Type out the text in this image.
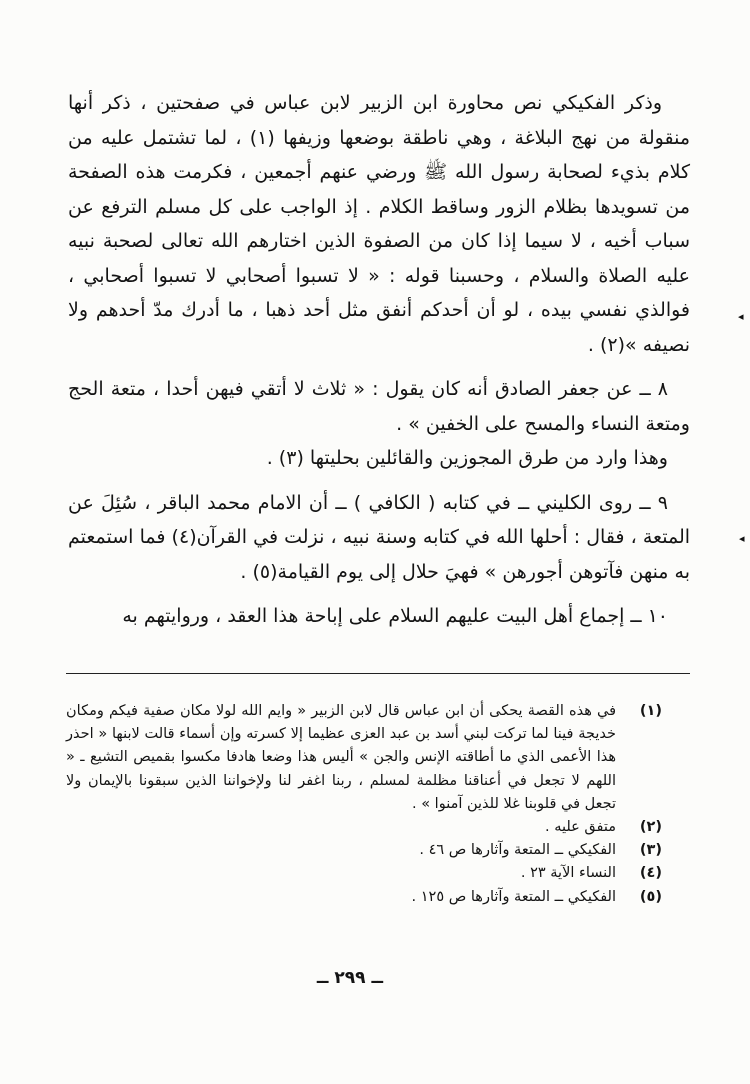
وذكر الفكيكي نص محاورة ابن الزبير لابن عباس في صفحتين ، ذكر أنها منقولة من نهج البلاغة ، وهي ناطقة بوضعها وزيفها (١) ، لما تشتمل عليه من كلام بذيء لصحابة رسول الله ﷺ ورضي عنهم أجمعين ، فكرمت هذه الصفحة من تسويدها بظلام الزور وساقط الكلام . إذ الواجب على كل مسلم الترفع عن سباب أخيه ، لا سيما إذا كان من الصفوة الذين اختارهم الله تعالى لصحبة نبيه عليه الصلاة والسلام ، وحسبنا قوله : « لا تسبوا أصحابي لا تسبوا أصحابي ، فوالذي نفسي بيده ، لو أن أحدكم أنفق مثل أحد ذهبا ، ما أدرك مدّ أحدهم ولا نصيفه »(٢) .

٨ ــ عن جعفر الصادق أنه كان يقول : « ثلاث لا أتقي فيهن أحدا ، متعة الحج ومتعة النساء والمسح على الخفين » .

وهذا وارد من طرق المجوزين والقائلين بحليتها (٣) .

٩ ــ روى الكليني ــ في كتابه ( الكافي ) ــ أن الامام محمد الباقر ، سُئِلَ عن المتعة ، فقال : أحلها الله في كتابه وسنة نبيه ، نزلت في القرآن(٤) فما استمعتم به منهن فآتوهن أجورهن » فهيَ حلال إلى يوم القيامة(٥) .

١٠ ــ إجماع أهل البيت عليهم السلام على إباحة هذا العقد ، وروايتهم به

في هذه القصة يحكى أن ابن عباس قال لابن الزبير « وايم الله لولا مكان صفية فيكم ومكان خديجة فينا لما تركت لبني أسد بن عبد العزى عظيما إلا كسرته وإن أسماء قالت لابنها « احذر هذا الأعمى الذي ما أطاقته الإنس والجن » أليس هذا وضعا هادفا مكسوا بقميص التشيع ـ « اللهم لا تجعل في أعناقنا مظلمة لمسلم ، ربنا اغفر لنا ولإخواننا الذين سبقونا بالإيمان ولا تجعل في قلوبنا غلا للذين آمنوا » .
(١)
متفق عليه . (٢)
الفكيكي ــ المتعة وآثارها ص ٤٦ . (٣)
النساء الآية ٢٣ . (٤)
الفكيكي ــ المتعة وآثارها ص ١٢٥ . (٥)
ــ ٢٩٩ ــ
◂
◂
